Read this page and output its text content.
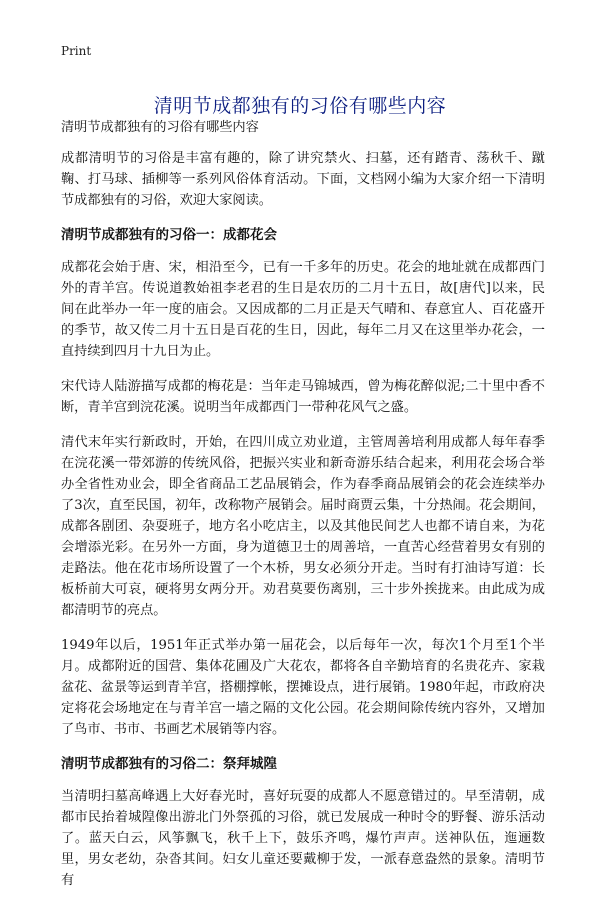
Print
清明节成都独有的习俗有哪些内容

清明节成都独有的习俗有哪些内容

成都清明节的习俗是丰富有趣的，除了讲究禁火、扫墓，还有踏青、荡秋千、蹴鞠、打马球、插柳等一系列风俗体育活动。下面，文档网小编为大家介绍一下清明节成都独有的习俗，欢迎大家阅读。

清明节成都独有的习俗一：成都花会

成都花会始于唐、宋，相沿至今，已有一千多年的历史。花会的地址就在成都西门外的青羊宫。传说道教始祖李老君的生日是农历的二月十五日，故[唐代]以来，民间在此举办一年一度的庙会。又因成都的二月正是天气晴和、春意宜人、百花盛开的季节，故又传二月十五日是百花的生日，因此，每年二月又在这里举办花会，一直持续到四月十九日为止。

宋代诗人陆游描写成都的梅花是：当年走马锦城西，曾为梅花醉似泥;二十里中香不断，青羊宫到浣花溪。说明当年成都西门一带种花风气之盛。

清代末年实行新政时，开始，在四川成立劝业道，主管周善培利用成都人每年春季在浣花溪一带郊游的传统风俗，把振兴实业和新奇游乐结合起来，利用花会场合举办全省性劝业会，即全省商品工艺品展销会，作为春季商品展销会的花会连续举办了3次，直至民国，初年，改称物产展销会。届时商贾云集，十分热闹。花会期间，成都各剧团、杂耍班子，地方名小吃店主，以及其他民间艺人也都不请自来，为花会增添光彩。在另外一方面，身为道德卫士的周善培，一直苦心经营着男女有别的走路法。他在花市场所设置了一个木桥，男女必须分开走。当时有打油诗写道：长板桥前大可哀，硬将男女两分开。劝君莫要伤离别，三十步外挨拢来。由此成为成都清明节的亮点。

1949年以后，1951年正式举办第一届花会，以后每年一次，每次1个月至1个半月。成都附近的国营、集体花圃及广大花农，都将各自辛勤培育的名贵花卉、家栽盆花、盆景等运到青羊宫，搭棚撑帐，摆摊设点，进行展销。1980年起，市政府决定将花会场地定在与青羊宫一墙之隔的文化公园。花会期间除传统内容外，又增加了鸟市、书市、书画艺术展销等内容。

清明节成都独有的习俗二：祭拜城隍

当清明扫墓高峰遇上大好春光时，喜好玩耍的成都人不愿意错过的。早至清朝，成都市民抬着城隍像出游北门外祭孤的习俗，就已发展成一种时令的野餐、游乐活动了。蓝天白云，风筝飘飞，秋千上下，鼓乐齐鸣，爆竹声声。送神队伍，迤逦数里，男女老幼，杂沓其间。妇女儿童还要戴柳于发，一派春意盎然的景象。清明节有
